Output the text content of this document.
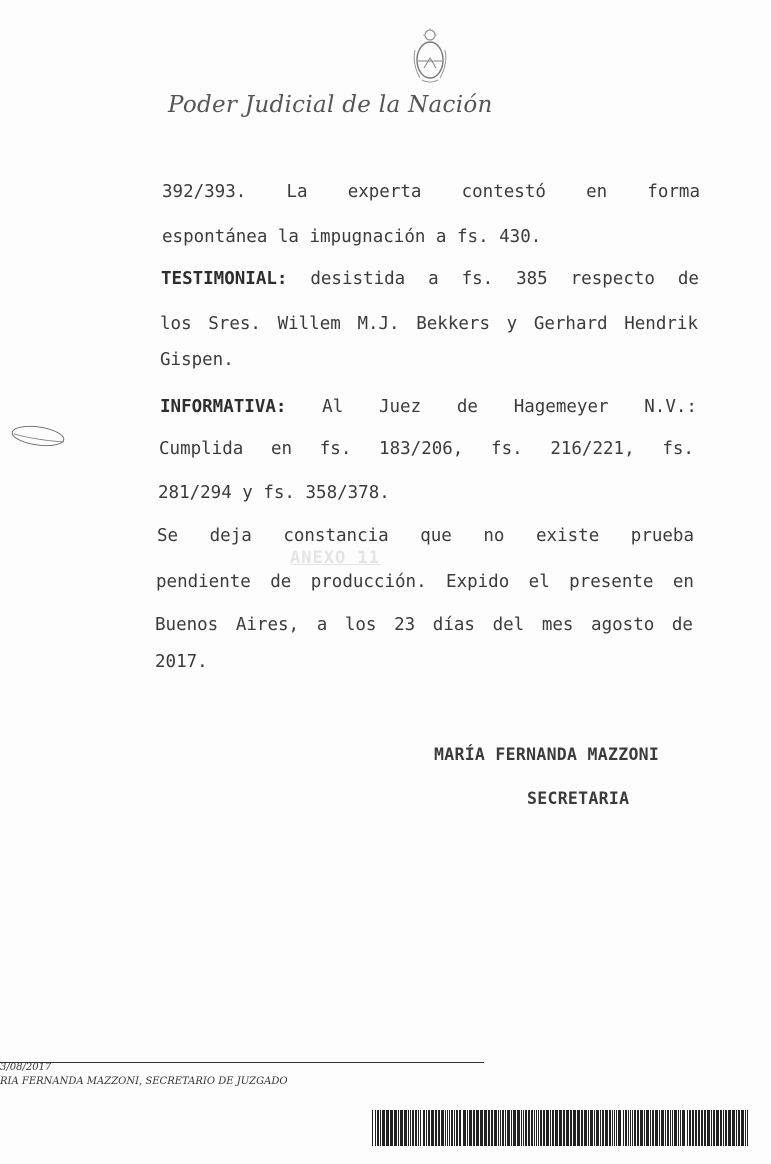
Poder Judicial de la Nación
392/393. La experta contestó en forma
espontánea la impugnación a fs. 430.
TESTIMONIAL: desistida a fs. 385 respecto de
los Sres. Willem M.J. Bekkers y Gerhard Hendrik
Gispen.
INFORMATIVA: Al Juez de Hagemeyer N.V.:
Cumplida en fs. 183/206, fs. 216/221, fs.
281/294 y fs. 358/378.
Se deja constancia que no existe prueba
pendiente de producción. Expido el presente en
Buenos Aires, a los 23 días del mes agosto de
2017.
ANEXO 11
MARÍA FERNANDA MAZZONI
SECRETARIA
3/08/2017
RIA FERNANDA MAZZONI, SECRETARIO DE JUZGADO
